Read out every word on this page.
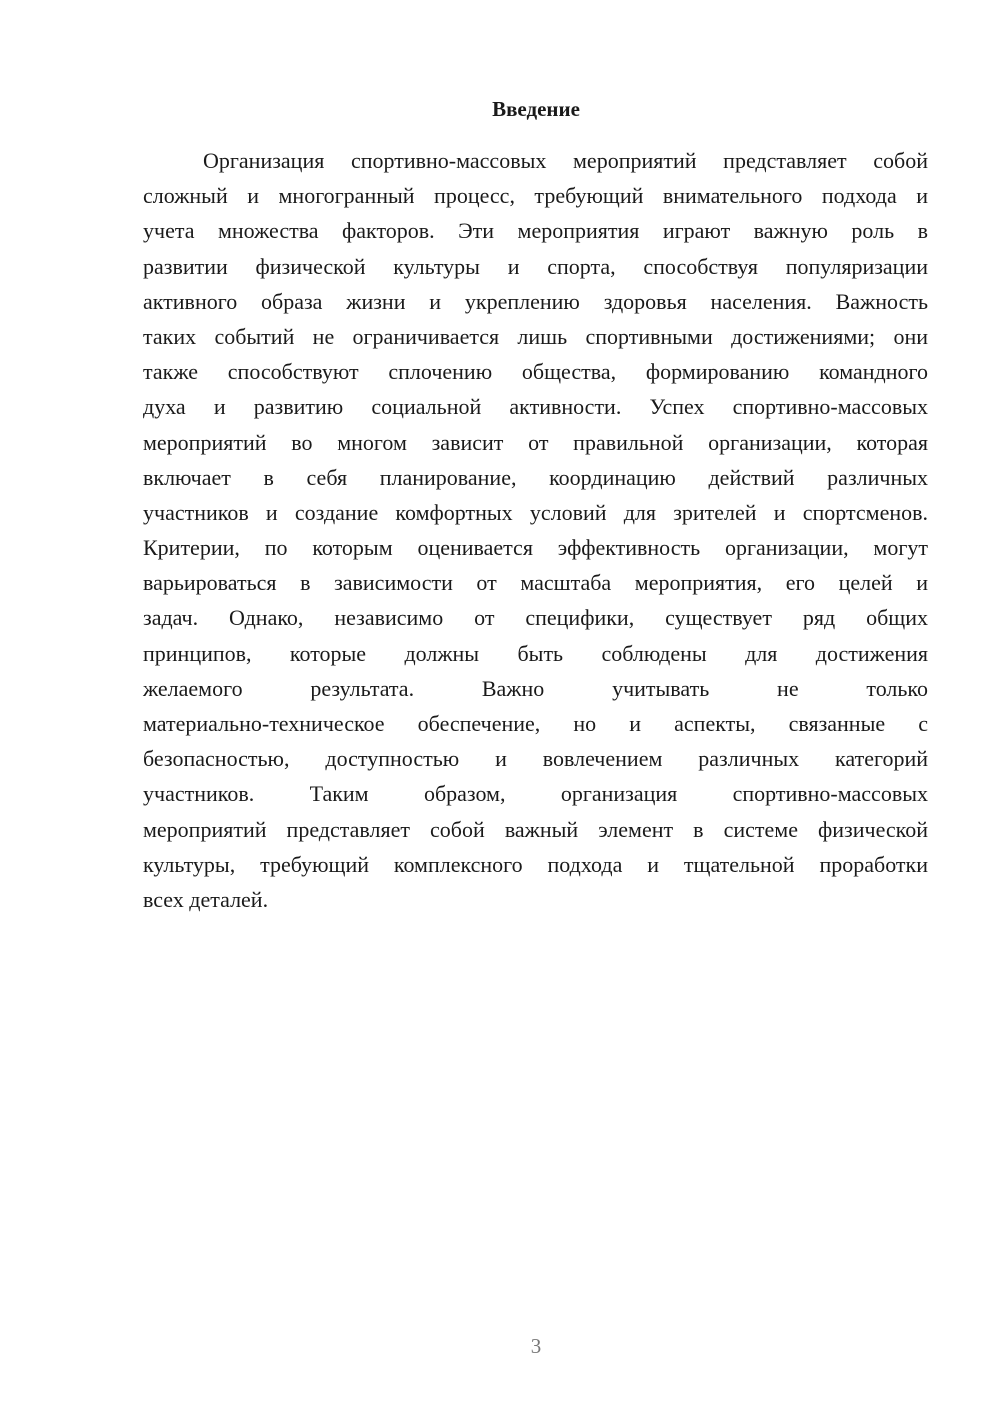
Введение
Организация спортивно-массовых мероприятий представляет собой
сложный и многогранный процесс, требующий внимательного подхода и
учета множества факторов. Эти мероприятия играют важную роль в
развитии физической культуры и спорта, способствуя популяризации
активного образа жизни и укреплению здоровья населения. Важность
таких событий не ограничивается лишь спортивными достижениями; они
также способствуют сплочению общества, формированию командного
духа и развитию социальной активности. Успех спортивно-массовых
мероприятий во многом зависит от правильной организации, которая
включает в себя планирование, координацию действий различных
участников и создание комфортных условий для зрителей и спортсменов.
Критерии, по которым оценивается эффективность организации, могут
варьироваться в зависимости от масштаба мероприятия, его целей и
задач. Однако, независимо от специфики, существует ряд общих
принципов, которые должны быть соблюдены для достижения
желаемого результата. Важно учитывать не только
материально-техническое обеспечение, но и аспекты, связанные с
безопасностью, доступностью и вовлечением различных категорий
участников. Таким образом, организация спортивно-массовых
мероприятий представляет собой важный элемент в системе физической
культуры, требующий комплексного подхода и тщательной проработки
всех деталей.
3
